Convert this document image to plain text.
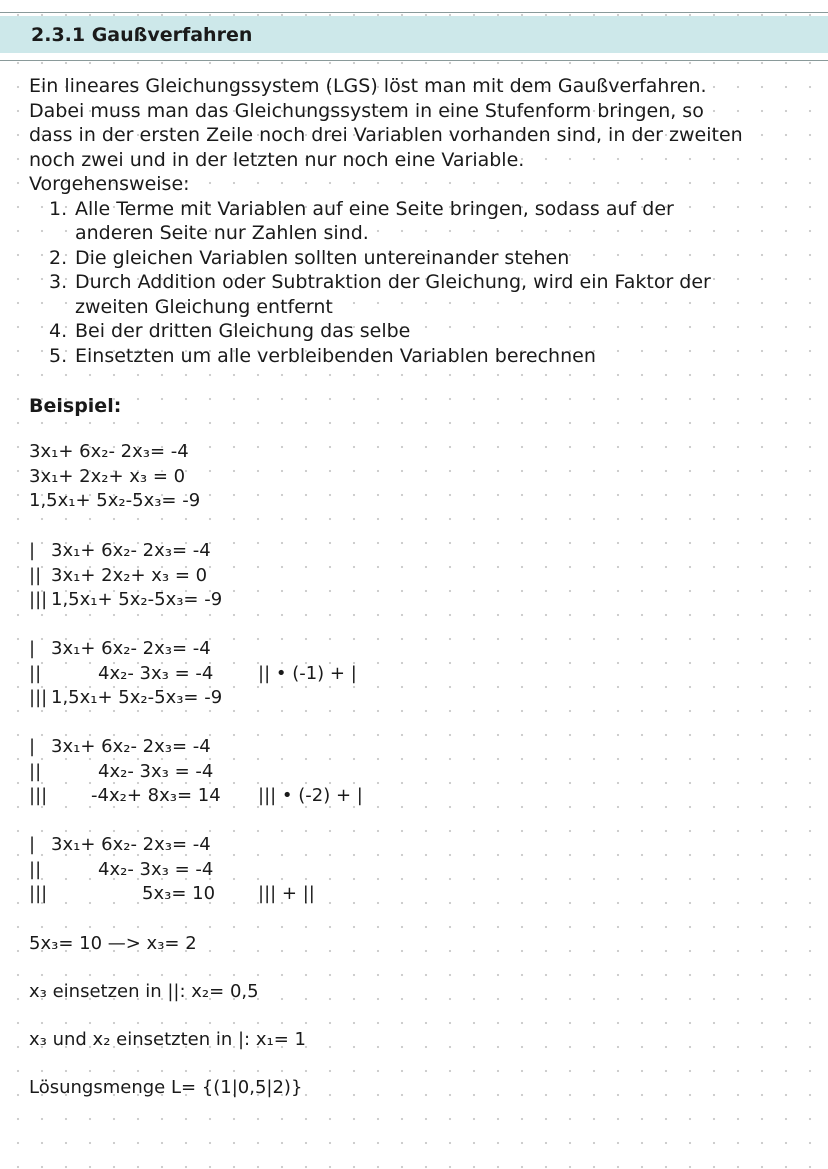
2.3.1 Gaußverfahren

Ein lineares Gleichungssystem (LGS) löst man mit dem Gaußverfahren.

Dabei muss man das Gleichungssystem in eine Stufenform bringen, so

dass in der ersten Zeile noch drei Variablen vorhanden sind, in der zweiten

noch zwei und in der letzten nur noch eine Variable.

Vorgehensweise:

1. Alle Terme mit Variablen auf eine Seite bringen, sodass auf der
anderen Seite nur Zahlen sind.
2. Die gleichen Variablen sollten untereinander stehen
3. Durch Addition oder Subtraktion der Gleichung, wird ein Faktor der
zweiten Gleichung entfernt
4. Bei der dritten Gleichung das selbe
5. Einsetzten um alle verbleibenden Variablen berechnen
Beispiel:
3x₁+ 6x₂- 2x₃= -4
3x₁+ 2x₂+ x₃ = 0
1,5x₁+ 5x₂-5x₃= -9
| 3x₁+ 6x₂- 2x₃= -4
|| 3x₁+ 2x₂+ x₃ = 0
||| 1,5x₁+ 5x₂-5x₃= -9
| 3x₁+ 6x₂- 2x₃= -4
||	4x₂- 3x₃ = -4 || • (-1) + |
||| 1,5x₁+ 5x₂-5x₃= -9
| 3x₁+ 6x₂- 2x₃= -4
||	4x₂- 3x₃ = -4
||| -4x₂+ 8x₃= 14 ||| • (-2) + |
| 3x₁+ 6x₂- 2x₃= -4
||	4x₂- 3x₃ = -4
|||	5x₃= 10 ||| + ||
5x₃= 10 —> x₃= 2
x₃ einsetzen in ||: x₂= 0,5
x₃ und x₂ einsetzten in |: x₁= 1
Lösungsmenge L= {(1|0,5|2)}
